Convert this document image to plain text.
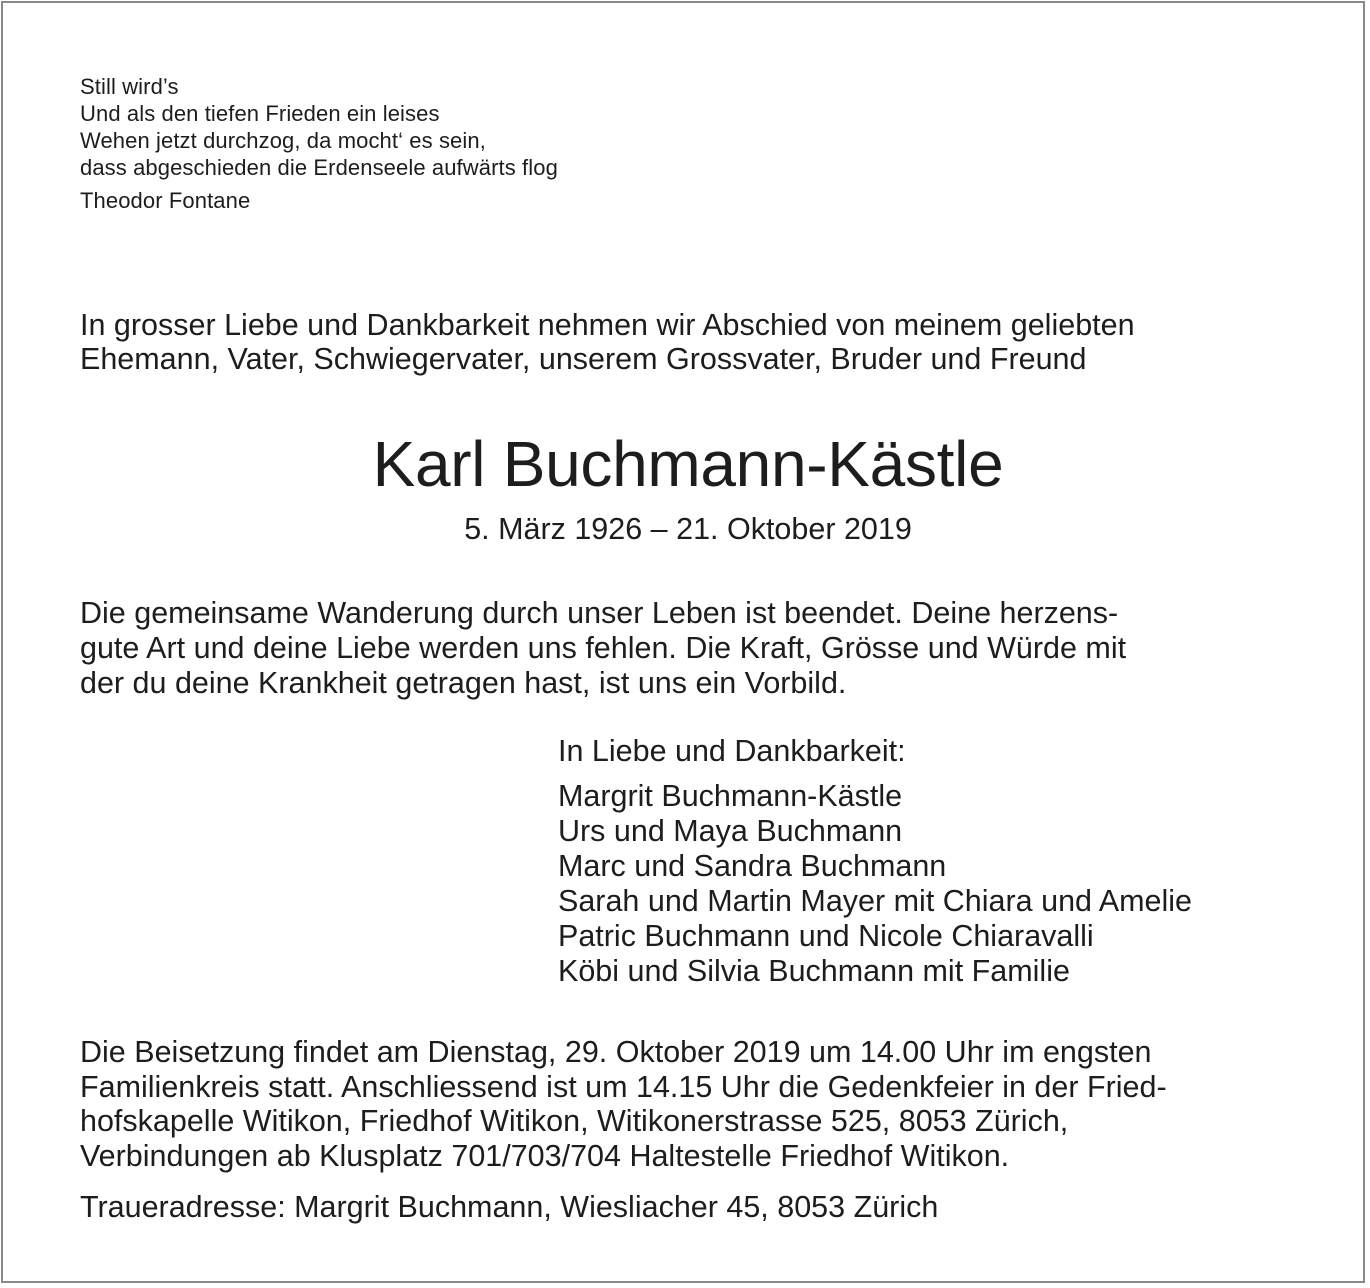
Still wird’s
Und als den tiefen Frieden ein leises
Wehen jetzt durchzog, da mocht‘ es sein,
dass abgeschieden die Erdenseele aufwärts flog
Theodor Fontane
In grosser Liebe und Dankbarkeit nehmen wir Abschied von meinem geliebten
Ehemann, Vater, Schwiegervater, unserem Grossvater, Bruder und Freund
Karl Buchmann-Kästle
5. März 1926 – 21. Oktober 2019
Die gemeinsame Wanderung durch unser Leben ist beendet. Deine herzens-
gute Art und deine Liebe werden uns fehlen. Die Kraft, Grösse und Würde mit
der du deine Krankheit getragen hast, ist uns ein Vorbild.
In Liebe und Dankbarkeit:
Margrit Buchmann-Kästle
Urs und Maya Buchmann
Marc und Sandra Buchmann
Sarah und Martin Mayer mit Chiara und Amelie
Patric Buchmann und Nicole Chiaravalli
Köbi und Silvia Buchmann mit Familie
Die Beisetzung findet am Dienstag, 29. Oktober 2019 um 14.00 Uhr im engsten
Familienkreis statt. Anschliessend ist um 14.15 Uhr die Gedenkfeier in der Fried-
hofskapelle Witikon, Friedhof Witikon, Witikonerstrasse 525, 8053 Zürich,
Verbindungen ab Klusplatz 701/703/704 Haltestelle Friedhof Witikon.
Traueradresse: Margrit Buchmann, Wiesliacher 45, 8053 Zürich
